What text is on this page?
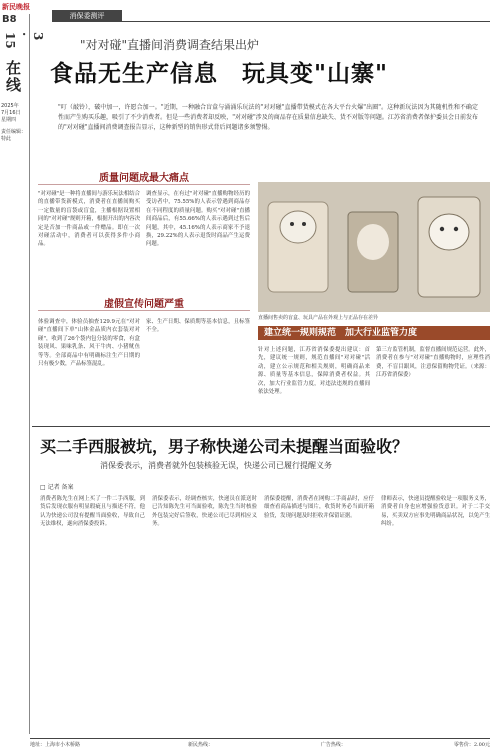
新民晚报
B8
3
·
15
在线
2025年
7月16日
星期四
责任编辑：
特此
消保委测评
"对对碰"直播间消费调查结果出炉
食品无生产信息　玩具变"山寨"
"叮（敲铃），破中加一，许愿合加一。"近期，一种融合盲盒与涌涌乐玩法的"对对碰"直播带货模式在各大平台火爆"出圈"。这种新玩法因为其随机性和不确定性而产生购买乐趣，吸引了不少消费者。但是一些消费者却反映，"对对碰"涉及的商品存在质量信息缺失、货不对版等问题。江苏省消费者保护委员会日前发布的"对对碰"直播间消费调查报告显示，这种新型的销售形式背后问题诸多须警惕。
质量问题成最大痛点
"对对碰"是一种将直播间与游乐玩法相结合的直播带货新模式，消费者在直播间购买一定数量的盲袋或盲盒，主播根据设置相同的"对对碰"规则开箱，根据开出的内容决定是否加一件商品或一件赠品。即在一次对碰活动中，消费者可以获得多件小商品。
调查显示，在有过"对对碰"直播购物经历的受访者中，75.55%的人表示曾遇到商品存在不同程度的质量问题。购买"对对碰"直播间商品后，有55.66%的人表示遇到过售后问题，其中，45.16%的人表示商家不予退换，29.22%的人表示退货时商品产生运费问题。
虚假宣传问题严重
体验调查中，体验员抽查129.9元在"对对碰"直播间下单"山体金品质内衣套装对对碰"，收到了26个袋内包分装的零食，有盒装现风、果味乳条、风干牛肉、小猪鱿鱼等等。全部商品中有明确标注生产日期的只有极少数，产品标签混乱。
家、生产日期、保质期等基本信息，且标签不全。
直播间售卖的盲盒、玩具产品在外观上与正品存在差异
建立统一规则规范　加大行业监管力度
针对上述问题，江苏省消保委提出建议：首先，建议统一规则，规范直播间"对对碰"活动，建立公示规范和相关规则，明确商品来源、质量等基本信息，保障消费者权益。其次，加大行业监管力度，对违法违规的直播间依法处理。
第三方监管机制，监督直播间规范运营。此外，消费者在参与"对对碰"直播购物时，应理性消费，不盲目跟风，注意保留购物凭证。（来源：江苏省消保委）
买二手西服被坑，男子称快递公司未提醒当面验收？
消保委表示，消费者就外包装核验无误，快递公司已履行提醒义务
□ 记者 备案
消费者陈先生在网上买了一件二手西服，到货后发现衣服有明显瑕疵且与描述不符，他认为快递公司没有提醒当面验收，导致自己无法维权，遂向消保委投诉。
消保委表示，经调查核实，快递员在派送时已告知陈先生可当面验收，陈先生当时核验外包装完好后签收，快递公司已尽到相应义务。
消保委提醒，消费者在网购二手商品时，应仔细查看商品描述与图片，收货时务必当面开箱验货，发现问题及时拒收并保留证据。
律师表示，快递员提醒验收是一项服务义务，消费者自身也应增强验货意识。对于二手交易，买卖双方应事先明确商品状况，以免产生纠纷。
地址：上海市小木桥路	新民热线：	广告热线：	零售价：2.00元
